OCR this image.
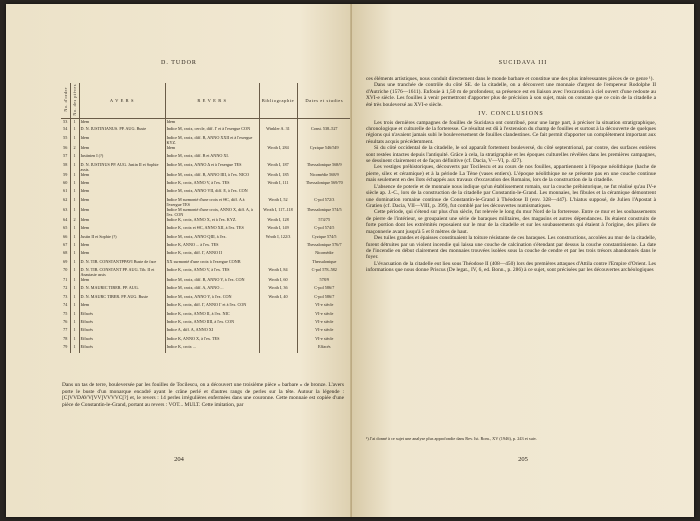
D. TUDOR
No. d'ordre	No. des pièces	A V E R S	R E V E R S	Bibliographie	Dates et studies
53	1	Idem	Idem		
54	1	D. N. IUSTINIANUS. PP. AUG. Buste	Indice M, croix, cercle, diff. Γ et à l'exergue CON	Winkler A. 31	Const. 538–527
55	1	Idem	Indice M, croix, diff. B, ANNO XXII et à l'exergue KYZ.		
56	2	Idem	Idem	Wroth I, 284	Cyzique 546/549
57	1	Iustinien I (?)	Indice M, croix, diff. B et ANNO XI.		
58	1	D. N. IUSTINUS PP. AUG. Justin II et Sophie assis.	Indice M, croix, ANNO Δ et à l'exergue TES	Wroth I, 187	Thessalonique 568/9
59	1	Idem	Indice M, croix, diff. B, ANNO IIII, à l'ex. NICO	Wroth I, 185	Nicomédie 568/9
60	1	Idem	Indice K, croix, ANNO V, à l'ex. TES	Wroth I, 111	Thessalonique 569/70
61	1	Idem	Indice M, croix, ANNO VII, diff. E, à l'ex. CON		
62	1	Idem	Indice M surmonté d'une croix et ΘC, diff. A à l'exergue TES	Wroth I, 52	C-pol 572/3
63	1	Idem	Indice M surmonté d'une croix, ANNO X, diff. A, à l'ex. CON	Wroth I, 117–118	Thessalonique 574/5
64	2	Idem	Indice K, croix, ANNO X, et à l'ex. KYZ.	Wroth I, 128	574/75
65	1	Idem	Indice K, croix et ΘC, ANNO XII, à l'ex. TES	Wroth I, 149	C-pol 574/5
66	1	Justin II et Sophie (?)	Indice M, croix, ANNO QIII, à l'ex.	Wroth I, 122/3	Cyzique 574/5
67	1	Idem	Indice K, ANNO ... à l'ex. TES		Thessalonique 576/7
68	1	Idem	Indice K, croix, diff. Γ, ANNO II		Nicomédie
69	1	D. N. TIB. CONSTANTPPAVI Buste de face	XX surmonté d'une croix à l'exergue CONB		Thessalonique
70	1	D. N. TIB. CONSTANT PP. AUG. Tib. II et Anastasie assis	Indice K, croix, ANNO V, à l'ex. TES	Wroth I, 84	C-pol 578–582
71	1	Idem	Indice M, croix, diff. B, ANNO Y, à l'ex. CON	Wroth I, 60	578/9
72	1	D. N. MAURIC TIBER. PP. AUG.	Indice M, croix, diff. A, ANNO ...	Wroth I, 36	C-pol 586/7
73	1	D. N. MAURC TIBER. PP. AUG. Buste	Indice M, croix, ANNO Y, à l'ex. CON	Wroth I, 40	C-pol 586/7
74	1	Idem	Indice K, croix, diff. Γ, ANNO Γ et à l'ex. CON		VI-e siècle
75	1	Effacés	Indice K, croix, ANNO II, à l'ex. NIC		VI-e siècle
76	1	Effacés	Indice K, croix, ANNO IIII, à l'ex. CON		VI-e siècle
77	1	Effacés	Indice A, diff. A, ANNO XI		VI-e siècle
78	1	Effacés	Indice K, ANNO X, à l'ex. TES		VI-e siècle
79	1	Effacés	Indice K, croix ...		Effacés
Dans un tas de terre, bouleversée par les fouilles de Tocilescu, on a découvert une troisième pièce « barbare » de bronze. L'avers porte le buste d'un monarque encadré ayant le crâne perlé et d'autres rangs de perles sur la tête. Autour la légende : [C]VVDAVV[VV]VVVVC[?] et, le revers : 14 perles irrégulières enfermées dans une couronne. Cette monnaie est copiée d'une pièce de Constantin-le-Grand, portant au revers : VOT... MULT. Cette imitation, par
204
SUCIDAVA III

ces éléments artistiques, nous conduit directement dans le monde barbare et constitue une des plus intéressantes pièces de ce genre ¹).

Dans une tranchée de contrôle du côté SE. de la citadelle, on a découvert une monnaie d'argent de l'empereur Rodolphe II d'Autriche (1576—1611). Enfouie à 1,50 m de profondeur, sa présence est en liaison avec l'excavation à ciel ouvert d'une redoute au XVI-e siècle. Les fouilles à venir permettront d'apporter plus de précision à son sujet, mais on constate que ce coin de la citadelle a été très bouleversé au XVI-e siècle.

IV. CONCLUSIONS

Les trois dernières campagnes de fouilles de Sucidava ont contribué, pour une large part, à préciser la situation stratigraphique, chronologique et culturelle de la forteresse. Ce résultat est dû à l'extension du champ de fouilles et surtout à la découverte de quelques régions qui n'avaient jamais subi le bouleversement de fouilles clandestines. Ce fait permit d'apporter un complètement important aux résultats acquis précédemment.

Si du côté occidental de la citadelle, le sol apparaît fortement bouleversé, du côté septentrional, par contre, des surfaces entières sont restées intactes depuis l'antiquité. Grâce à cela, la stratigraphie et les époques culturelles révélées dans les premières campagnes, se dessinent clairement et de façon définitive (cf. Dacia, V—VI, p. 427).

Les vestiges préhistoriques, découverts par Tocilescu et au cours de nos fouilles, appartiennent à l'époque néolithique (hache de pierre, silex et céramique) et à la période La Tène (vases entiers). L'époque néolithique ne se présente pas en une couche continue mais seulement en des îlots échappés aux travaux d'excavation des Romains, lors de la construction de la citadelle.

L'absence de poterie et de monnaie nous indique qu'un établissement romain, sur la couche préhistorique, ne fut réalisé qu'au IV-e siècle ap. J.-C., lors de la construction de la citadelle par Constantin-le-Grand. Les monnaies, les fibules et la céramique démontrent une domination romaine continue de Constantin-le-Grand à Théodose II (env. 328—447). L'hiatus supposé, de Julien l'Apostat à Gratien (cf. Dacia, VII—VIII, p. 399), fut comblé par les découvertes numismatiques.

Cette période, qui s'étend sur plus d'un siècle, fut relevée le long du mur Nord de la forteresse. Entre ce mur et les soubassements de pierre de l'intérieur, se groupaient une série de baraques militaires, des magasins et autres dépendances. Ils étaient construits de forte portion dont les extrémités reposaient sur le mur de la citadelle et sur les soubassements qui étaient à l'origine, des piliers de maçonnerie avant jusqu'à 5 et 8 mètres de haut.

Des tuiles grandes et épaisses constituaient la toiture résistante de ces baraques. Les constructions, accolées au mur de la citadelle, furent détruites par un violent incendie qui laissa une couche de calcination s'étendant par dessus la couche constantinienne. La date de l'incendie en début clairement des monnaies trouvées isolées sous la couche de cendre et par les trois trésors abandonnés dans le foyer.

L'évacuation de la citadelle eut lieu sous Théodose II (408—450) lors des premières attaques d'Attila contre l'Empire d'Orient. Les informations que nous donne Priscus (De legat., IV, 6, ed. Bonn., p. 286) à ce sujet, sont précisées par les découvertes archéologiques

¹) J'ai donné à ce sujet une analyse plus approfondie dans Rev. Ist. Rom., XV (1946), p. 243 et suiv.
205
